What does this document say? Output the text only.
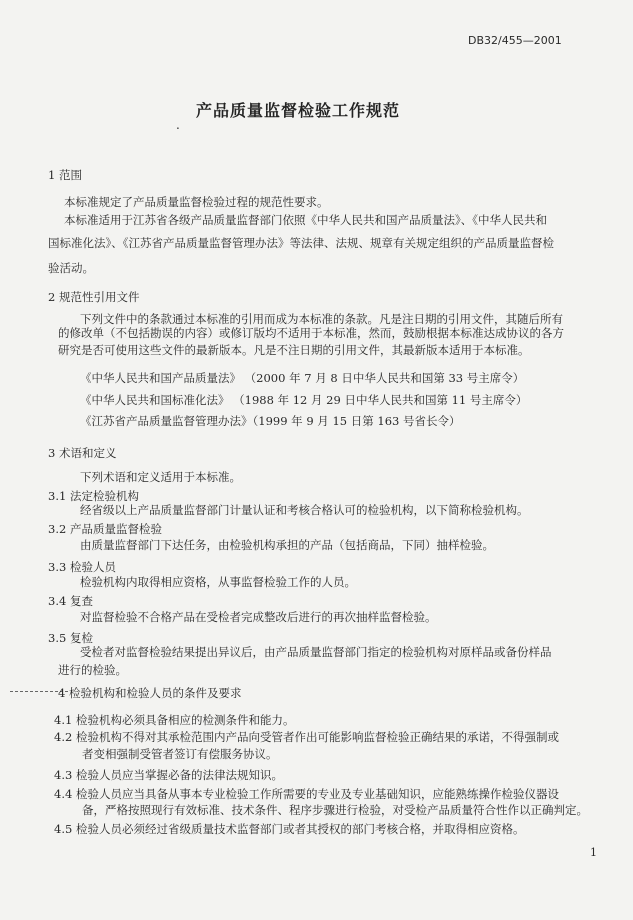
DB32/455—2001
.
产品质量监督检验工作规范
1 范围
本标准规定了产品质量监督检验过程的规范性要求。
本标准适用于江苏省各级产品质量监督部门依照《中华人民共和国产品质量法》、《中华人民共和
国标准化法》、《江苏省产品质量监督管理办法》等法律、法规、规章有关规定组织的产品质量监督检
验活动。
2 规范性引用文件
下列文件中的条款通过本标准的引用而成为本标准的条款。凡是注日期的引用文件，其随后所有
的修改单（不包括勘误的内容）或修订版均不适用于本标准，然而，鼓励根据本标准达成协议的各方
研究是否可使用这些文件的最新版本。凡是不注日期的引用文件，其最新版本适用于本标准。
《中华人民共和国产品质量法》 （2000 年 7 月 8 日中华人民共和国第 33 号主席令）
《中华人民共和国标准化法》 （1988 年 12 月 29 日中华人民共和国第 11 号主席令）
《江苏省产品质量监督管理办法》（1999 年 9 月 15 日第 163 号省长令）
3 术语和定义
下列术语和定义适用于本标准。
3.1 法定检验机构
经省级以上产品质量监督部门计量认证和考核合格认可的检验机构，以下简称检验机构。
3.2 产品质量监督检验
由质量监督部门下达任务，由检验机构承担的产品（包括商品，下同）抽样检验。
3.3 检验人员
检验机构内取得相应资格，从事监督检验工作的人员。
3.4 复查
对监督检验不合格产品在受检者完成整改后进行的再次抽样监督检验。
3.5 复检
受检者对监督检验结果提出异议后，由产品质量监督部门指定的检验机构对原样品或备份样品
进行的检验。
4 检验机构和检验人员的条件及要求
4.1 检验机构必须具备相应的检测条件和能力。
4.2 检验机构不得对其承检范围内产品向受管者作出可能影响监督检验正确结果的承诺，不得强制或
者变相强制受管者签订有偿服务协议。
4.3 检验人员应当掌握必备的法律法规知识。
4.4 检验人员应当具备从事本专业检验工作所需要的专业及专业基础知识，应能熟练操作检验仪器设
备，严格按照现行有效标准、技术条件、程序步骤进行检验，对受检产品质量符合性作以正确判定。
4.5 检验人员必须经过省级质量技术监督部门或者其授权的部门考核合格，并取得相应资格。
1
